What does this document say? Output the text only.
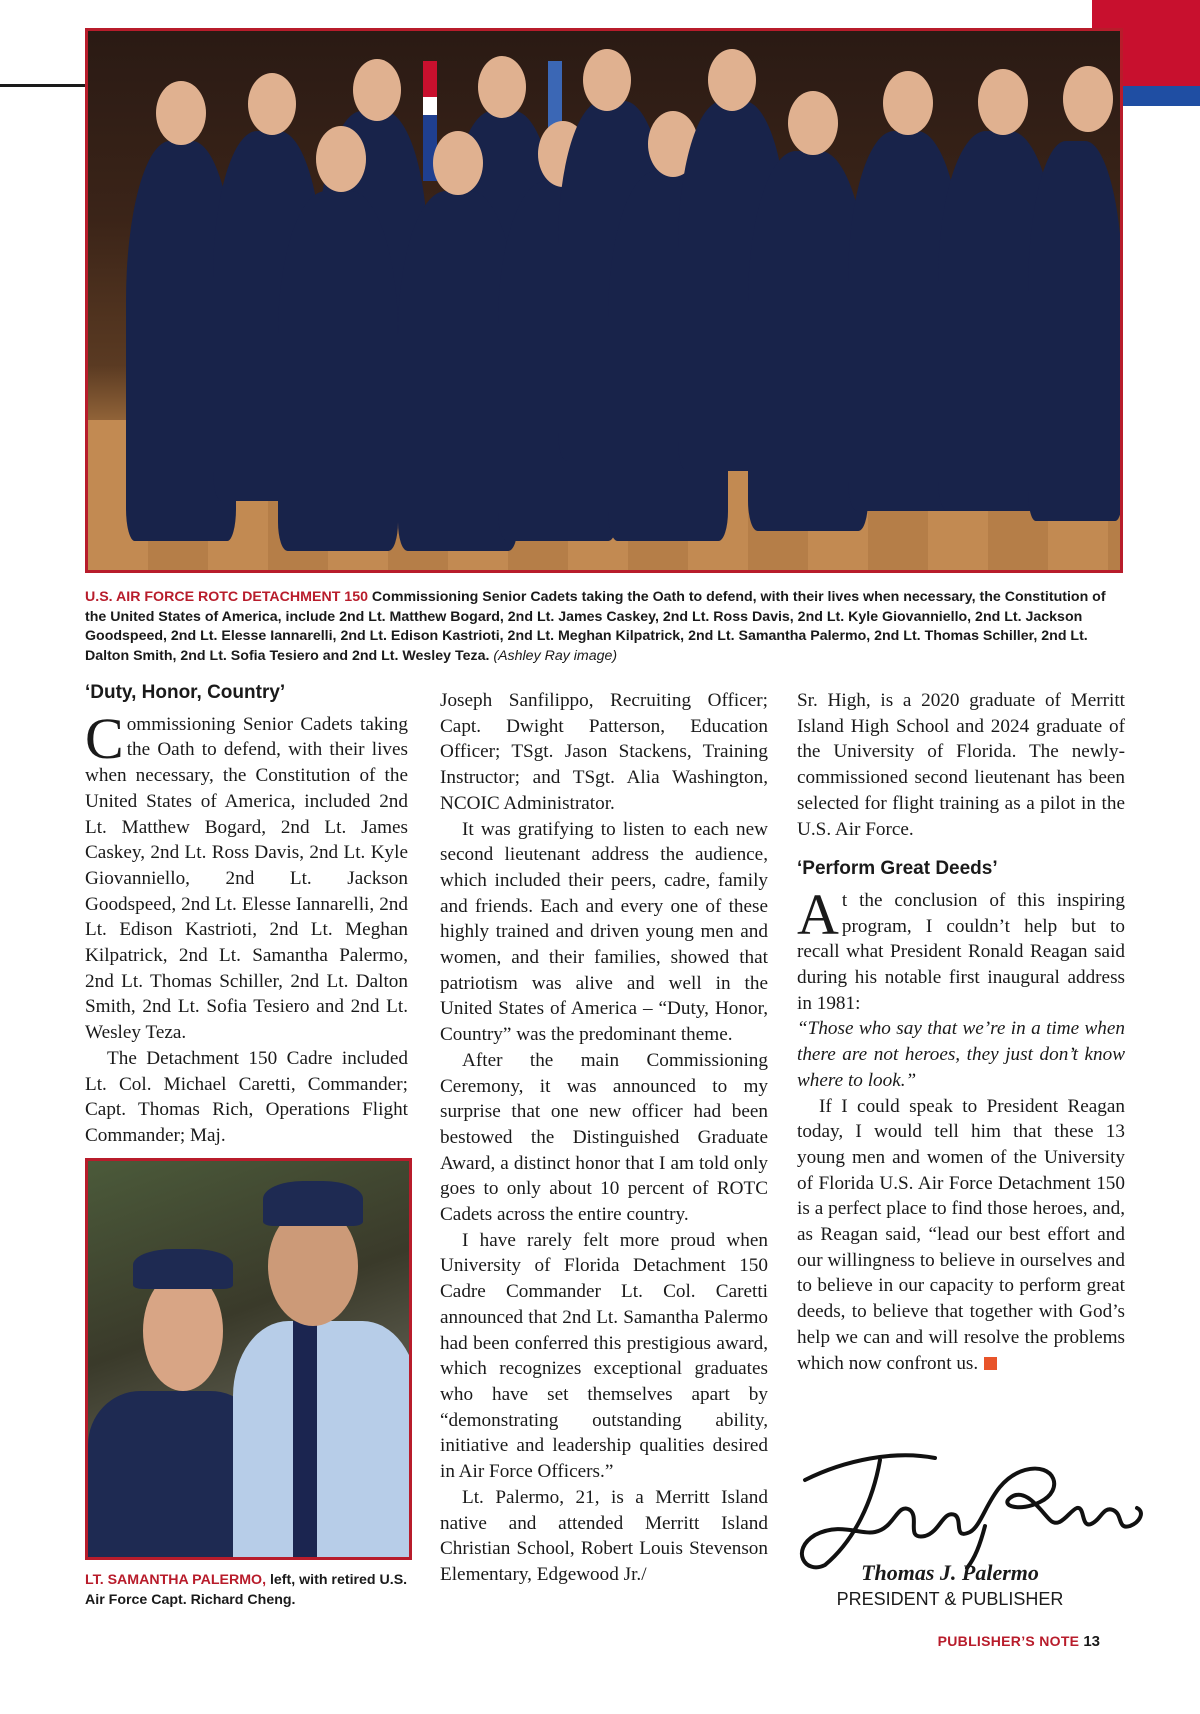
U.S. AIR FORCE ROTC DETACHMENT 150 Commissioning Senior Cadets taking the Oath to defend, with their lives when necessary, the Constitution of the United States of America, include 2nd Lt. Matthew Bogard, 2nd Lt. James Caskey, 2nd Lt. Ross Davis, 2nd Lt. Kyle Giovanniello, 2nd Lt. Jackson Goodspeed, 2nd Lt. Elesse Iannarelli, 2nd Lt. Edison Kastrioti, 2nd Lt. Meghan Kilpatrick, 2nd Lt. Samantha Palermo, 2nd Lt. Thomas Schiller, 2nd Lt. Dalton Smith, 2nd Lt. Sofia Tesiero and 2nd Lt. Wesley Teza. (Ashley Ray image)
‘Duty, Honor, Country’

Commissioning Senior Cadets taking the Oath to defend, with their lives when necessary, the Constitution of the United States of America, included 2nd Lt. Matthew Bogard, 2nd Lt. James Caskey, 2nd Lt. Ross Davis, 2nd Lt. Kyle Giovanniello, 2nd Lt. Jackson Goodspeed, 2nd Lt. Elesse Iannarelli, 2nd Lt. Edison Kastrioti, 2nd Lt. Meghan Kilpatrick, 2nd Lt. Samantha Palermo, 2nd Lt. Thomas Schiller, 2nd Lt. Dalton Smith, 2nd Lt. Sofia Tesiero and 2nd Lt. Wesley Teza.

The Detachment 150 Cadre included Lt. Col. Michael Caretti, Commander; Capt. Thomas Rich, Operations Flight Commander; Maj.

LT. SAMANTHA PALERMO, left, with retired U.S. Air Force Capt. Richard Cheng.

Joseph Sanfilippo, Recruiting Officer; Capt. Dwight Patterson, Education Officer; TSgt. Jason Stackens, Training Instructor; and TSgt. Alia Washington, NCOIC Administrator.

It was gratifying to listen to each new second lieutenant address the audience, which included their peers, cadre, family and friends. Each and every one of these highly trained and driven young men and women, and their families, showed that patriotism was alive and well in the United States of America – “Duty, Honor, Country” was the predominant theme.

After the main Commissioning Ceremony, it was announced to my surprise that one new officer had been bestowed the Distinguished Graduate Award, a distinct honor that I am told only goes to only about 10 percent of ROTC Cadets across the entire country.

I have rarely felt more proud when University of Florida Detachment 150 Cadre Commander Lt. Col. Caretti announced that 2nd Lt. Samantha Palermo had been conferred this prestigious award, which recognizes exceptional graduates who have set themselves apart by “demonstrating outstanding ability, initiative and leadership qualities desired in Air Force Officers.”

Lt. Palermo, 21, is a Merritt Island native and attended Merritt Island Christian School, Robert Louis Stevenson Elementary, Edgewood Jr./

Sr. High, is a 2020 graduate of Merritt Island High School and 2024 graduate of the University of Florida. The newly-commissioned second lieutenant has been selected for flight training as a pilot in the U.S. Air Force.

‘Perform Great Deeds’

At the conclusion of this inspiring program, I couldn’t help but to recall what President Ronald Reagan said during his notable first inaugural address in 1981:

“Those who say that we’re in a time when there are not heroes, they just don’t know where to look.”

If I could speak to President Reagan today, I would tell him that these 13 young men and women of the University of Florida U.S. Air Force Detachment 150 is a perfect place to find those heroes, and, as Reagan said, “lead our best effort and our willingness to believe in ourselves and to believe in our capacity to perform great deeds, to believe that together with God’s help we can and will resolve the problems which now confront us.

Thomas J. Palermo
PRESIDENT & PUBLISHER
PUBLISHER’S NOTE 13
